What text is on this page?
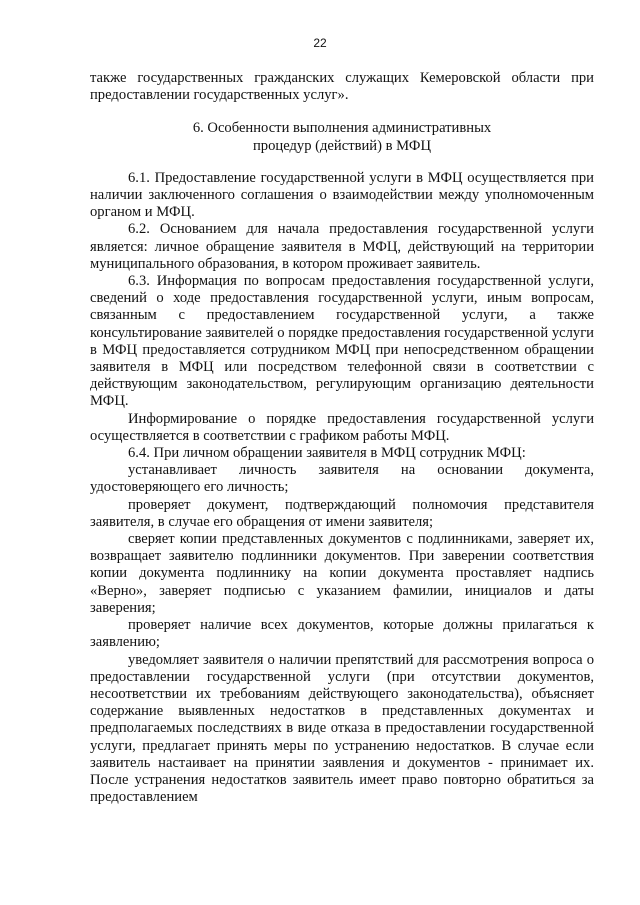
22

также государственных гражданских служащих Кемеровской области при предоставлении государственных услуг».

6. Особенности выполнения административных
процедур (действий) в МФЦ

6.1. Предоставление государственной услуги в МФЦ осуществляется при наличии заключенного соглашения о взаимодействии между уполномоченным органом и МФЦ.

6.2. Основанием для начала предоставления государственной услуги является: личное обращение заявителя в МФЦ, действующий на территории муниципального образования, в котором проживает заявитель.

6.3. Информация по вопросам предоставления государственной услуги, сведений о ходе предоставления государственной услуги, иным вопросам, связанным с предоставлением государственной услуги, а также консультирование заявителей о порядке предоставления государственной услуги в МФЦ предоставляется сотрудником МФЦ при непосредственном обращении заявителя в МФЦ или посредством телефонной связи в соответствии с действующим законодательством, регулирующим организацию деятельности МФЦ.

Информирование о порядке предоставления государственной услуги осуществляется в соответствии с графиком работы МФЦ.

6.4. При личном обращении заявителя в МФЦ сотрудник МФЦ:

устанавливает личность заявителя на основании документа, удостоверяющего его личность;

проверяет документ, подтверждающий полномочия представителя заявителя, в случае его обращения от имени заявителя;

сверяет копии представленных документов с подлинниками, заверяет их, возвращает заявителю подлинники документов. При заверении соответствия копии документа подлиннику на копии документа проставляет надпись «Верно», заверяет подписью с указанием фамилии, инициалов и даты заверения;

проверяет наличие всех документов, которые должны прилагаться к заявлению;

уведомляет заявителя о наличии препятствий для рассмотрения вопроса о предоставлении государственной услуги (при отсутствии документов, несоответствии их требованиям действующего законодательства), объясняет содержание выявленных недостатков в представленных документах и предполагаемых последствиях в виде отказа в предоставлении государственной услуги, предлагает принять меры по устранению недостатков. В случае если заявитель настаивает на принятии заявления и документов - принимает их. После устранения недостатков заявитель имеет право повторно обратиться за предоставлением
